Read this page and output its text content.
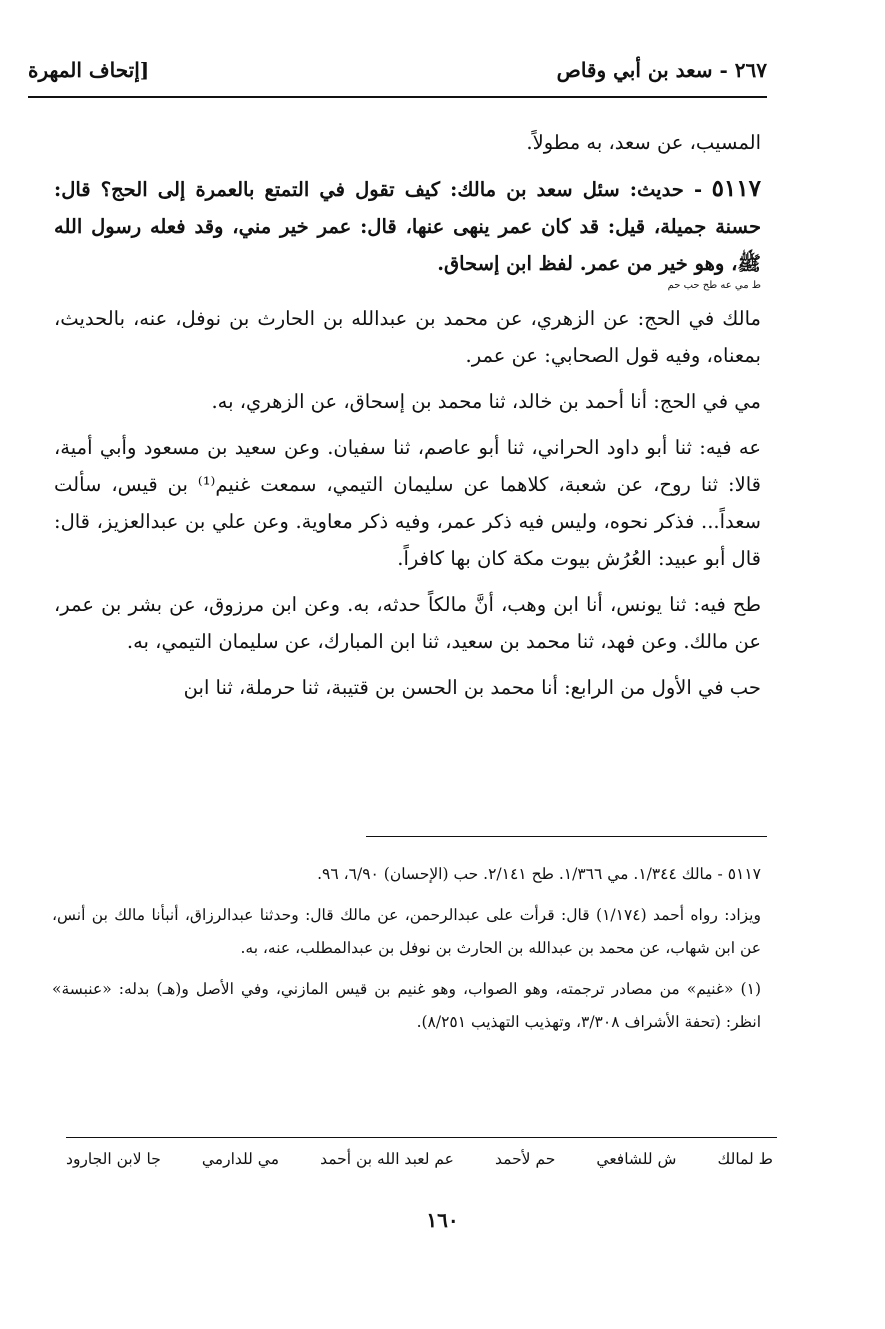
٢٦٧ - سعد بن أبي وقاص
[إتحاف المهرة

المسيب، عن سعد، به مطولاً.

٥١١٧ - حديث: سئل سعد بن مالك: كيف تقول في التمتع بالعمرة إلى الحج؟ قال: حسنة جميلة، قيل: قد كان عمر ينهى عنها، قال: عمر خير مني، وقد فعله رسول الله ﷺ، وهو خير من عمر. لفظ ابن إسحاق.

ط مي عه طح حب حم

مالك في الحج: عن الزهري، عن محمد بن عبدالله بن الحارث بن نوفل، عنه، بالحديث، بمعناه، وفيه قول الصحابي: عن عمر.

مي في الحج: أنا أحمد بن خالد، ثنا محمد بن إسحاق، عن الزهري، به.

عه فيه: ثنا أبو داود الحراني، ثنا أبو عاصم، ثنا سفيان. وعن سعيد بن مسعود وأبي أمية، قالا: ثنا روح، عن شعبة، كلاهما عن سليمان التيمي، سمعت غنيم⁽¹⁾ بن قيس، سألت سعداً... فذكر نحوه، وليس فيه ذكر عمر، وفيه ذكر معاوية. وعن علي بن عبدالعزيز، قال: قال أبو عبيد: العُرُش بيوت مكة كان بها كافراً.

طح فيه: ثنا يونس، أنا ابن وهب، أنَّ مالكاً حدثه، به. وعن ابن مرزوق، عن بشر بن عمر، عن مالك. وعن فهد، ثنا محمد بن سعيد، ثنا ابن المبارك، عن سليمان التيمي، به.

حب في الأول من الرابع: أنا محمد بن الحسن بن قتيبة، ثنا حرملة، ثنا ابن

٥١١٧ - مالك ١/٣٤٤. مي ١/٣٦٦. طح ٢/١٤١. حب (الإحسان) ٦/٩٠، ٩٦.

ويزاد: رواه أحمد (١/١٧٤) قال: قرأت على عبدالرحمن، عن مالك قال: وحدثنا عبدالرزاق، أنبأنا مالك بن أنس، عن ابن شهاب، عن محمد بن عبدالله بن الحارث بن نوفل بن عبدالمطلب، عنه، به.

(١) «غنيم» من مصادر ترجمته، وهو الصواب، وهو غنيم بن قيس المازني، وفي الأصل و(هـ) بدله: «عنبسة» انظر: (تحفة الأشراف ٣/٣٠٨، وتهذيب التهذيب ٨/٢٥١).

ط لمالك
ش للشافعي
حم لأحمد
عم لعبد الله بن أحمد
مي للدارمي
جا لابن الجارود
١٦٠
